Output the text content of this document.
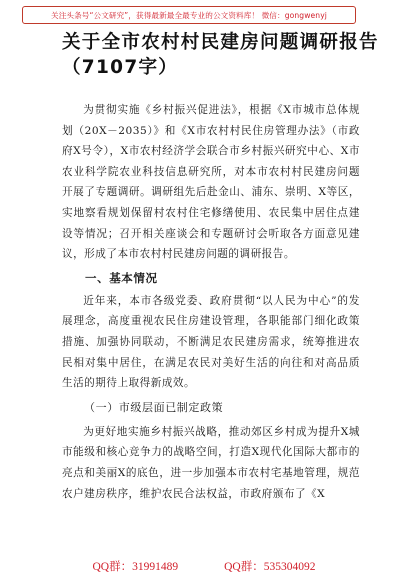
关注头条号“公文研究”，获得最新最全最专业的公文资料库！ 微信：gongwenyj
关于全市农村村民建房问题调研报告
（7107字）

为贯彻实施《乡村振兴促进法》，根据《X市城市总体规划（20X－2035）》和《X市农村村民住房管理办法》（市政府X号令），X市农村经济学会联合市乡村振兴研究中心、X市农业科学院农业科技信息研究所，对本市农村村民建房问题开展了专题调研。调研组先后赴金山、浦东、崇明、X等区，实地察看规划保留村农村住宅修缮使用、农民集中居住点建设等情况；召开相关座谈会和专题研讨会听取各方面意见建议，形成了本市农村村民建房问题的调研报告。

一、基本情况

近年来，本市各级党委、政府贯彻“以人民为中心”的发展理念，高度重视农民住房建设管理，各职能部门细化政策措施、加强协同联动，不断满足农民建房需求，统筹推进农民相对集中居住，在满足农民对美好生活的向往和对高品质生活的期待上取得新成效。

（一）市级层面已制定政策

为更好地实施乡村振兴战略，推动郊区乡村成为提升X城市能级和核心竞争力的战略空间，打造X现代化国际大都市的亮点和美丽X的底色，进一步加强本市农村宅基地管理，规范农户建房秩序，维护农民合法权益，市政府颁布了《X

QQ群：31991489	QQ群：535304092
